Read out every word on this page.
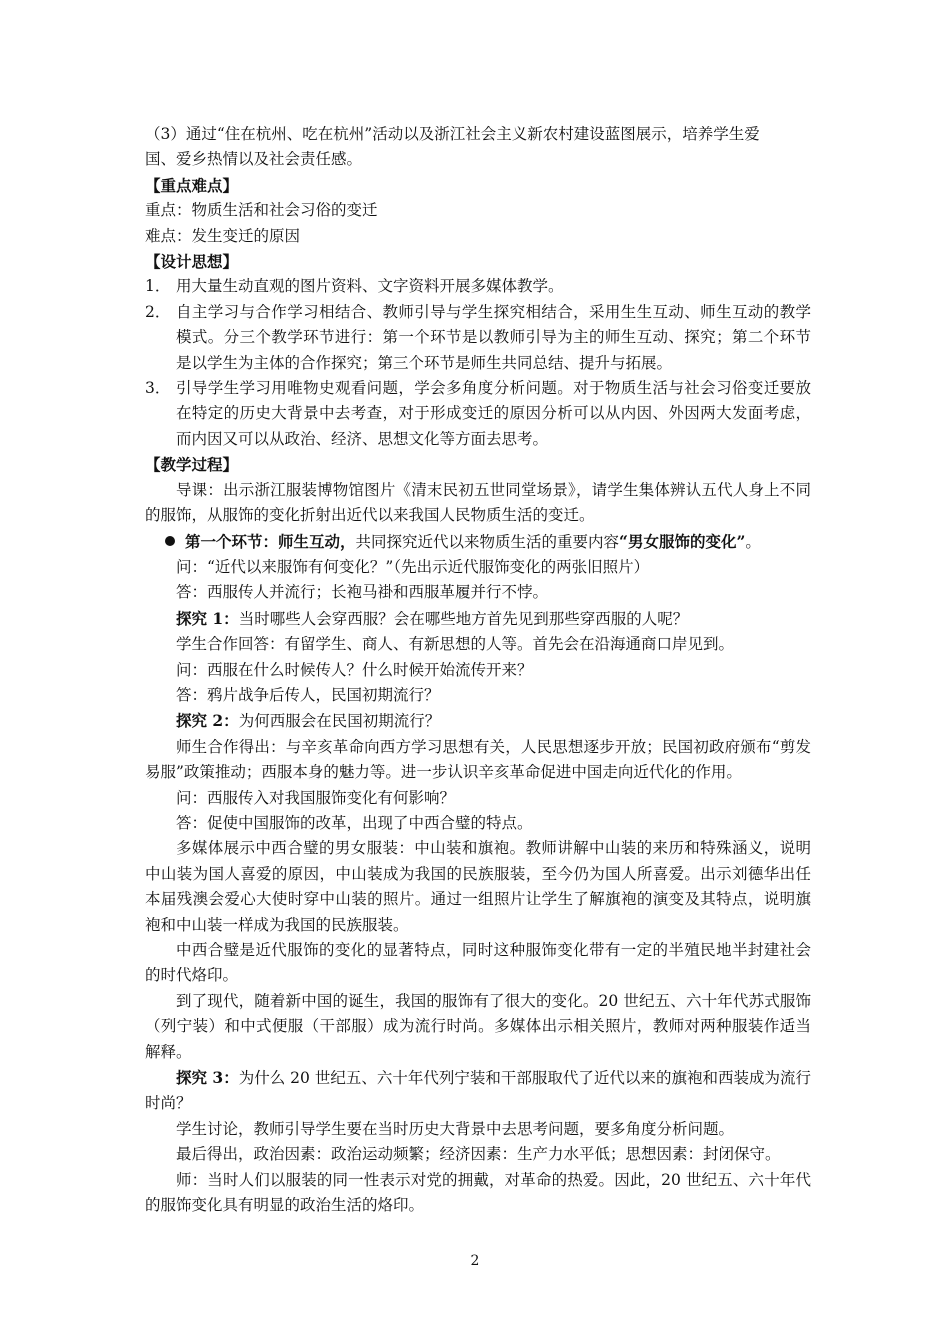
（3）通过“住在杭州、吃在杭州”活动以及浙江社会主义新农村建设蓝图展示，培养学生爱
国、爱乡热情以及社会责任感。
【重点难点】
重点：物质生活和社会习俗的变迁
难点：发生变迁的原因
【设计思想】
1． 用大量生动直观的图片资料、文字资料开展多媒体教学。
2． 自主学习与合作学习相结合、教师引导与学生探究相结合，采用生生互动、师生互动的教学模式。分三个教学环节进行：第一个环节是以教师引导为主的师生互动、探究；第二个环节是以学生为主体的合作探究；第三个环节是师生共同总结、提升与拓展。
3． 引导学生学习用唯物史观看问题，学会多角度分析问题。对于物质生活与社会习俗变迁要放在特定的历史大背景中去考查，对于形成变迁的原因分析可以从内因、外因两大发面考虑，而内因又可以从政治、经济、思想文化等方面去思考。
【教学过程】
导课：出示浙江服装博物馆图片《清末民初五世同堂场景》，请学生集体辨认五代人身上不同的服饰，从服饰的变化折射出近代以来我国人民物质生活的变迁。
第一个环节：师生互动，共同探究近代以来物质生活的重要内容“男女服饰的变化”。
问：“近代以来服饰有何变化？”（先出示近代服饰变化的两张旧照片）
答：西服传人并流行；长袍马褂和西服革履并行不悖。
探究 1：当时哪些人会穿西服？会在哪些地方首先见到那些穿西服的人呢？
学生合作回答：有留学生、商人、有新思想的人等。首先会在沿海通商口岸见到。
问：西服在什么时候传人？什么时候开始流传开来？
答：鸦片战争后传人，民国初期流行？
探究 2：为何西服会在民国初期流行？
师生合作得出：与辛亥革命向西方学习思想有关，人民思想逐步开放；民国初政府颁布“剪发易服”政策推动；西服本身的魅力等。进一步认识辛亥革命促进中国走向近代化的作用。
问：西服传入对我国服饰变化有何影响？
答：促使中国服饰的改革，出现了中西合璧的特点。
多媒体展示中西合璧的男女服装：中山装和旗袍。教师讲解中山装的来历和特殊涵义，说明中山装为国人喜爱的原因，中山装成为我国的民族服装，至今仍为国人所喜爱。出示刘德华出任本届残澳会爱心大使时穿中山装的照片。通过一组照片让学生了解旗袍的演变及其特点，说明旗袍和中山装一样成为我国的民族服装。
中西合璧是近代服饰的变化的显著特点，同时这种服饰变化带有一定的半殖民地半封建社会的时代烙印。
到了现代，随着新中国的诞生，我国的服饰有了很大的变化。20 世纪五、六十年代苏式服饰（列宁装）和中式便服（干部服）成为流行时尚。多媒体出示相关照片，教师对两种服装作适当解释。
探究 3：为什么 20 世纪五、六十年代列宁装和干部服取代了近代以来的旗袍和西装成为流行时尚？
学生讨论，教师引导学生要在当时历史大背景中去思考问题，要多角度分析问题。
最后得出，政治因素：政治运动频繁；经济因素：生产力水平低；思想因素：封闭保守。
师：当时人们以服装的同一性表示对党的拥戴，对革命的热爱。因此，20 世纪五、六十年代的服饰变化具有明显的政治生活的烙印。
2
